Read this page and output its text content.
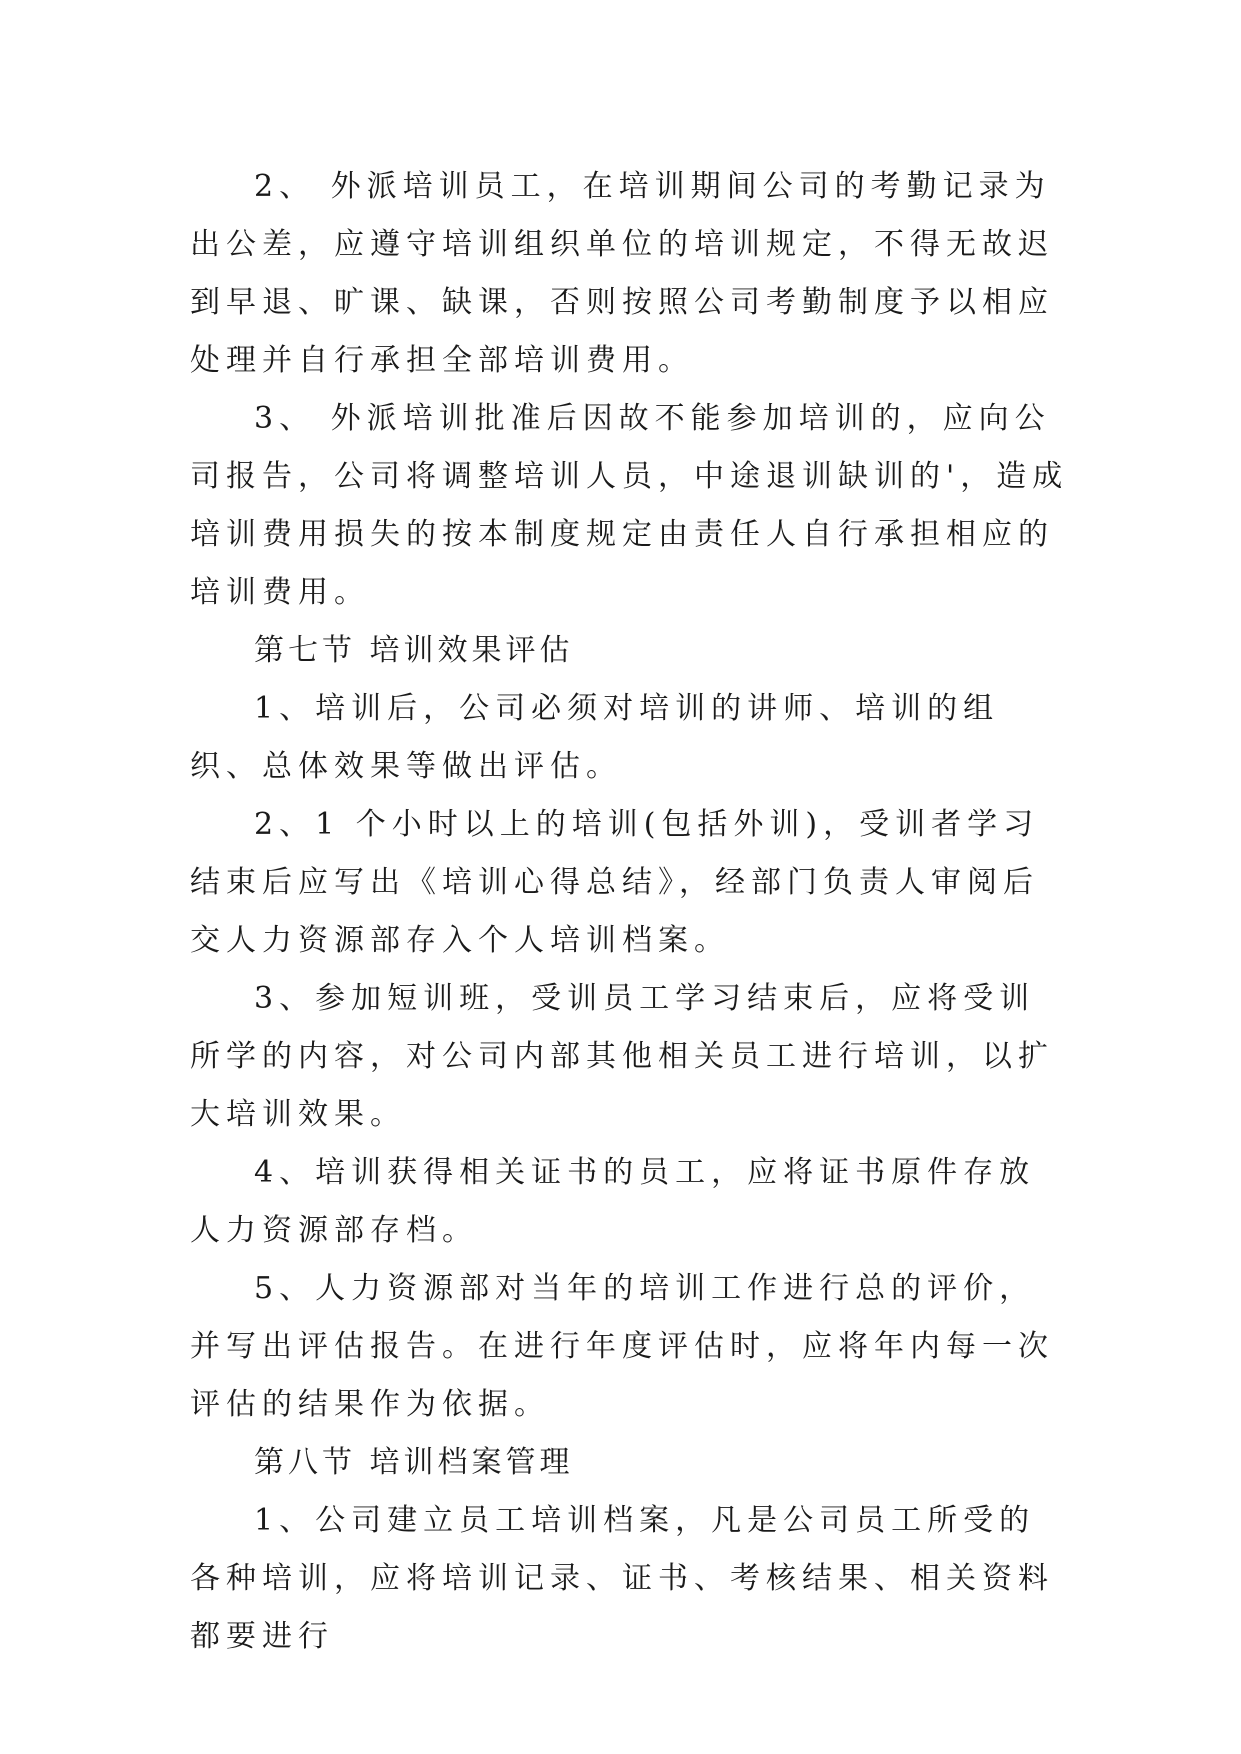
2、 外派培训员工，在培训期间公司的考勤记录为出公差，应遵守培训组织单位的培训规定，不得无故迟到早退、旷课、缺课，否则按照公司考勤制度予以相应处理并自行承担全部培训费用。

3、 外派培训批准后因故不能参加培训的，应向公司报告，公司将调整培训人员，中途退训缺训的'，造成培训费用损失的按本制度规定由责任人自行承担相应的培训费用。

第七节 培训效果评估

1、培训后，公司必须对培训的讲师、培训的组织、总体效果等做出评估。

2、1 个小时以上的培训(包括外训)，受训者学习结束后应写出《培训心得总结》，经部门负责人审阅后交人力资源部存入个人培训档案。

3、参加短训班，受训员工学习结束后，应将受训所学的内容，对公司内部其他相关员工进行培训，以扩大培训效果。

4、培训获得相关证书的员工，应将证书原件存放人力资源部存档。

5、人力资源部对当年的培训工作进行总的评价，并写出评估报告。在进行年度评估时，应将年内每一次评估的结果作为依据。

第八节 培训档案管理

1、公司建立员工培训档案，凡是公司员工所受的各种培训，应将培训记录、证书、考核结果、相关资料都要进行
